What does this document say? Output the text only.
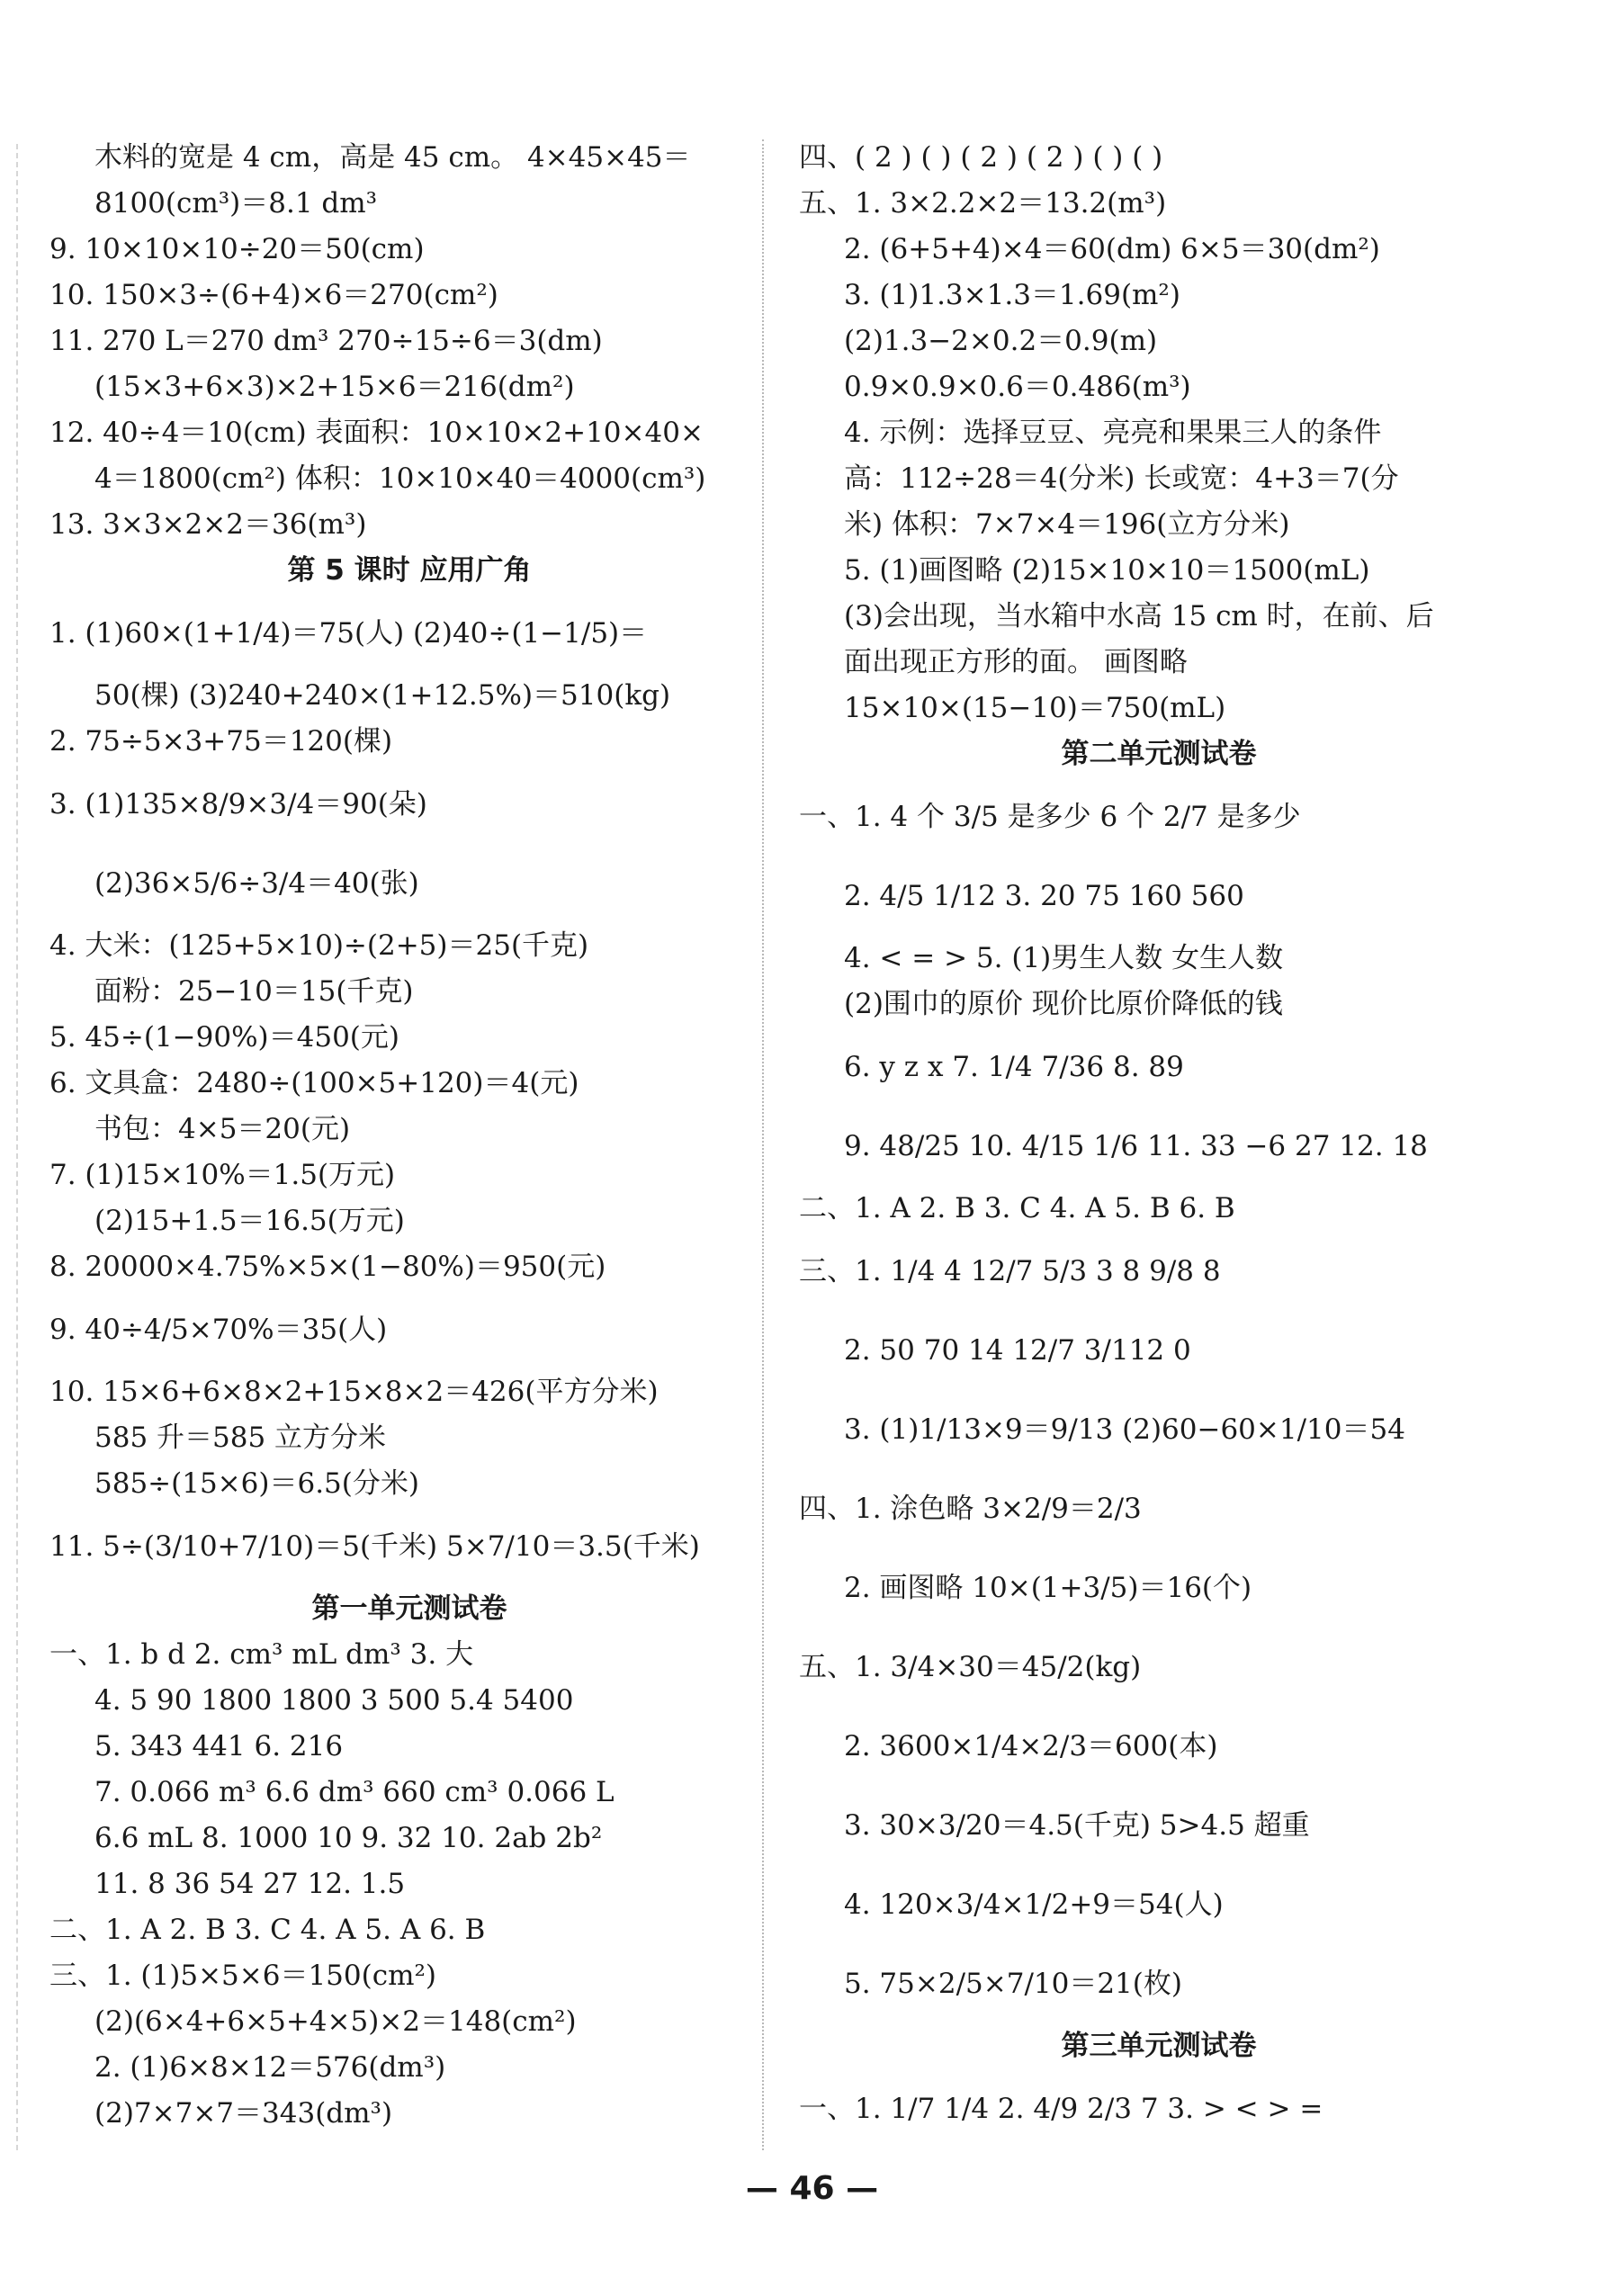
木料的宽是 4 cm，高是 45 cm。 4×45×45＝
8100(cm³)＝8.1 dm³
9. 10×10×10÷20＝50(cm)
10. 150×3÷(6+4)×6＝270(cm²)
11. 270 L＝270 dm³ 270÷15÷6＝3(dm)
(15×3+6×3)×2+15×6＝216(dm²)
12. 40÷4＝10(cm) 表面积：10×10×2+10×40×
4＝1800(cm²) 体积：10×10×40＝4000(cm³)
13. 3×3×2×2＝36(m³)
第 5 课时 应用广角
1. (1)60×(1+1/4)＝75(人) (2)40÷(1−1/5)＝
50(棵) (3)240+240×(1+12.5%)＝510(kg)
2. 75÷5×3+75＝120(棵)
3. (1)135×8/9×3/4＝90(朵)
(2)36×5/6÷3/4＝40(张)
4. 大米：(125+5×10)÷(2+5)＝25(千克)
面粉：25−10＝15(千克)
5. 45÷(1−90%)＝450(元)
6. 文具盒：2480÷(100×5+120)＝4(元)
书包：4×5＝20(元)
7. (1)15×10%＝1.5(万元)
(2)15+1.5＝16.5(万元)
8. 20000×4.75%×5×(1−80%)＝950(元)
9. 40÷4/5×70%＝35(人)
10. 15×6+6×8×2+15×8×2＝426(平方分米)
585 升＝585 立方分米
585÷(15×6)＝6.5(分米)
11. 5÷(3/10+7/10)＝5(千米) 5×7/10＝3.5(千米)
第一单元测试卷
一、1. b d 2. cm³ mL dm³ 3. 大
4. 5 90 1800 1800 3 500 5.4 5400
5. 343 441 6. 216
7. 0.066 m³ 6.6 dm³ 660 cm³ 0.066 L
6.6 mL 8. 1000 10 9. 32 10. 2ab 2b²
11. 8 36 54 27 12. 1.5
二、1. A 2. B 3. C 4. A 5. A 6. B
三、1. (1)5×5×6＝150(cm²)
(2)(6×4+6×5+4×5)×2＝148(cm²)
2. (1)6×8×12＝576(dm³)
(2)7×7×7＝343(dm³)
四、( 2 ) ( ) ( 2 ) ( 2 ) ( ) ( )
五、1. 3×2.2×2＝13.2(m³)
2. (6+5+4)×4＝60(dm) 6×5＝30(dm²)
3. (1)1.3×1.3＝1.69(m²)
(2)1.3−2×0.2＝0.9(m)
0.9×0.9×0.6＝0.486(m³)
4. 示例：选择豆豆、亮亮和果果三人的条件
高：112÷28＝4(分米) 长或宽：4+3＝7(分
米) 体积：7×7×4＝196(立方分米)
5. (1)画图略 (2)15×10×10＝1500(mL)
(3)会出现，当水箱中水高 15 cm 时，在前、后
面出现正方形的面。 画图略
15×10×(15−10)＝750(mL)
第二单元测试卷
一、1. 4 个 3/5 是多少 6 个 2/7 是多少
2. 4/5 1/12 3. 20 75 160 560
4. < = > 5. (1)男生人数 女生人数
(2)围巾的原价 现价比原价降低的钱
6. y z x 7. 1/4 7/36 8. 89
9. 48/25 10. 4/15 1/6 11. 33 −6 27 12. 18
二、1. A 2. B 3. C 4. A 5. B 6. B
三、1. 1/4 4 12/7 5/3 3 8 9/8 8
2. 50 70 14 12/7 3/112 0
3. (1)1/13×9＝9/13 (2)60−60×1/10＝54
四、1. 涂色略 3×2/9＝2/3
2. 画图略 10×(1+3/5)＝16(个)
五、1. 3/4×30＝45/2(kg)
2. 3600×1/4×2/3＝600(本)
3. 30×3/20＝4.5(千克) 5>4.5 超重
4. 120×3/4×1/2+9＝54(人)
5. 75×2/5×7/10＝21(枚)
第三单元测试卷
一、1. 1/7 1/4 2. 4/9 2/3 7 3. > < > =
— 46 —
